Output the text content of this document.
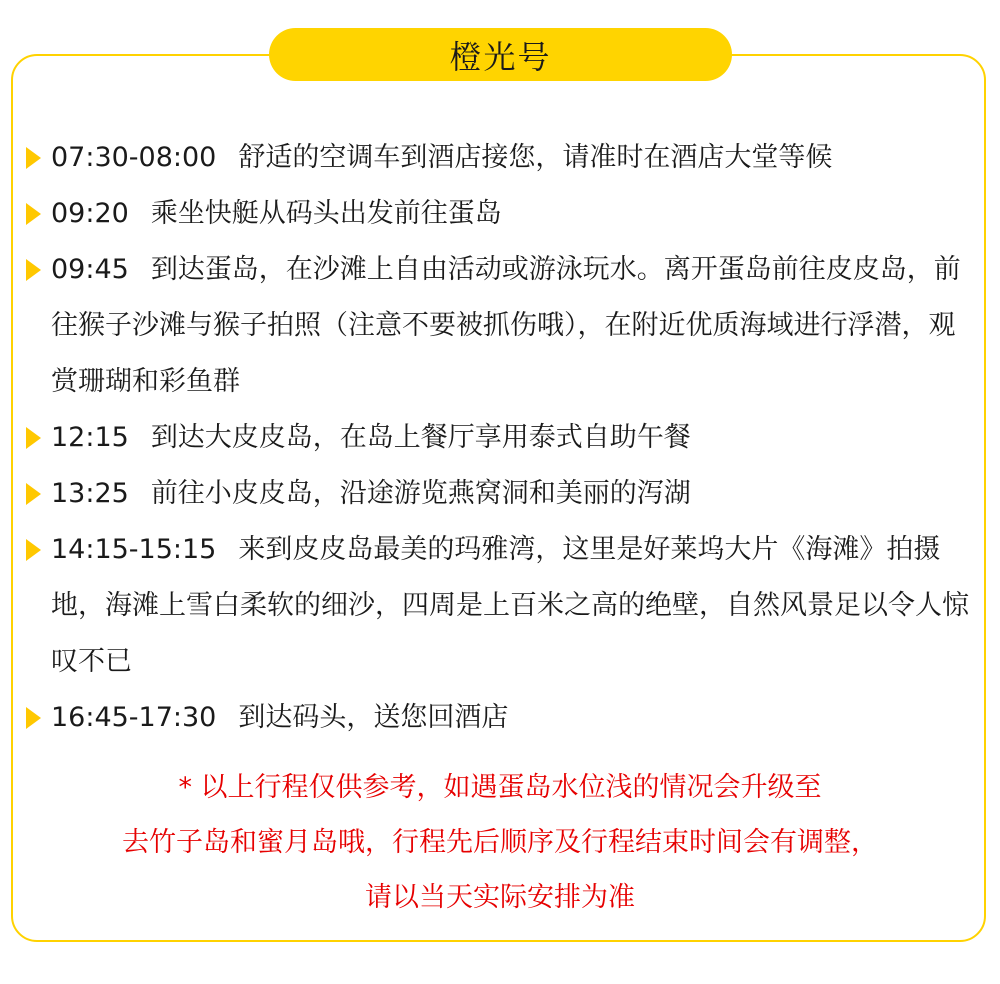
橙光号
07:30-08:00 舒适的空调车到酒店接您，请准时在酒店大堂等候
09:20 乘坐快艇从码头出发前往蛋岛
09:45 到达蛋岛，在沙滩上自由活动或游泳玩水。离开蛋岛前往皮皮岛，前往猴子沙滩与猴子拍照（注意不要被抓伤哦），在附近优质海域进行浮潜，观赏珊瑚和彩鱼群
12:15 到达大皮皮岛，在岛上餐厅享用泰式自助午餐
13:25 前往小皮皮岛，沿途游览燕窝洞和美丽的泻湖
14:15-15:15 来到皮皮岛最美的玛雅湾，这里是好莱坞大片《海滩》拍摄地，海滩上雪白柔软的细沙，四周是上百米之高的绝壁，自然风景足以令人惊叹不已
16:45-17:30 到达码头，送您回酒店
* 以上行程仅供参考，如遇蛋岛水位浅的情况会升级至
去竹子岛和蜜月岛哦，行程先后顺序及行程结束时间会有调整，
请以当天实际安排为准
